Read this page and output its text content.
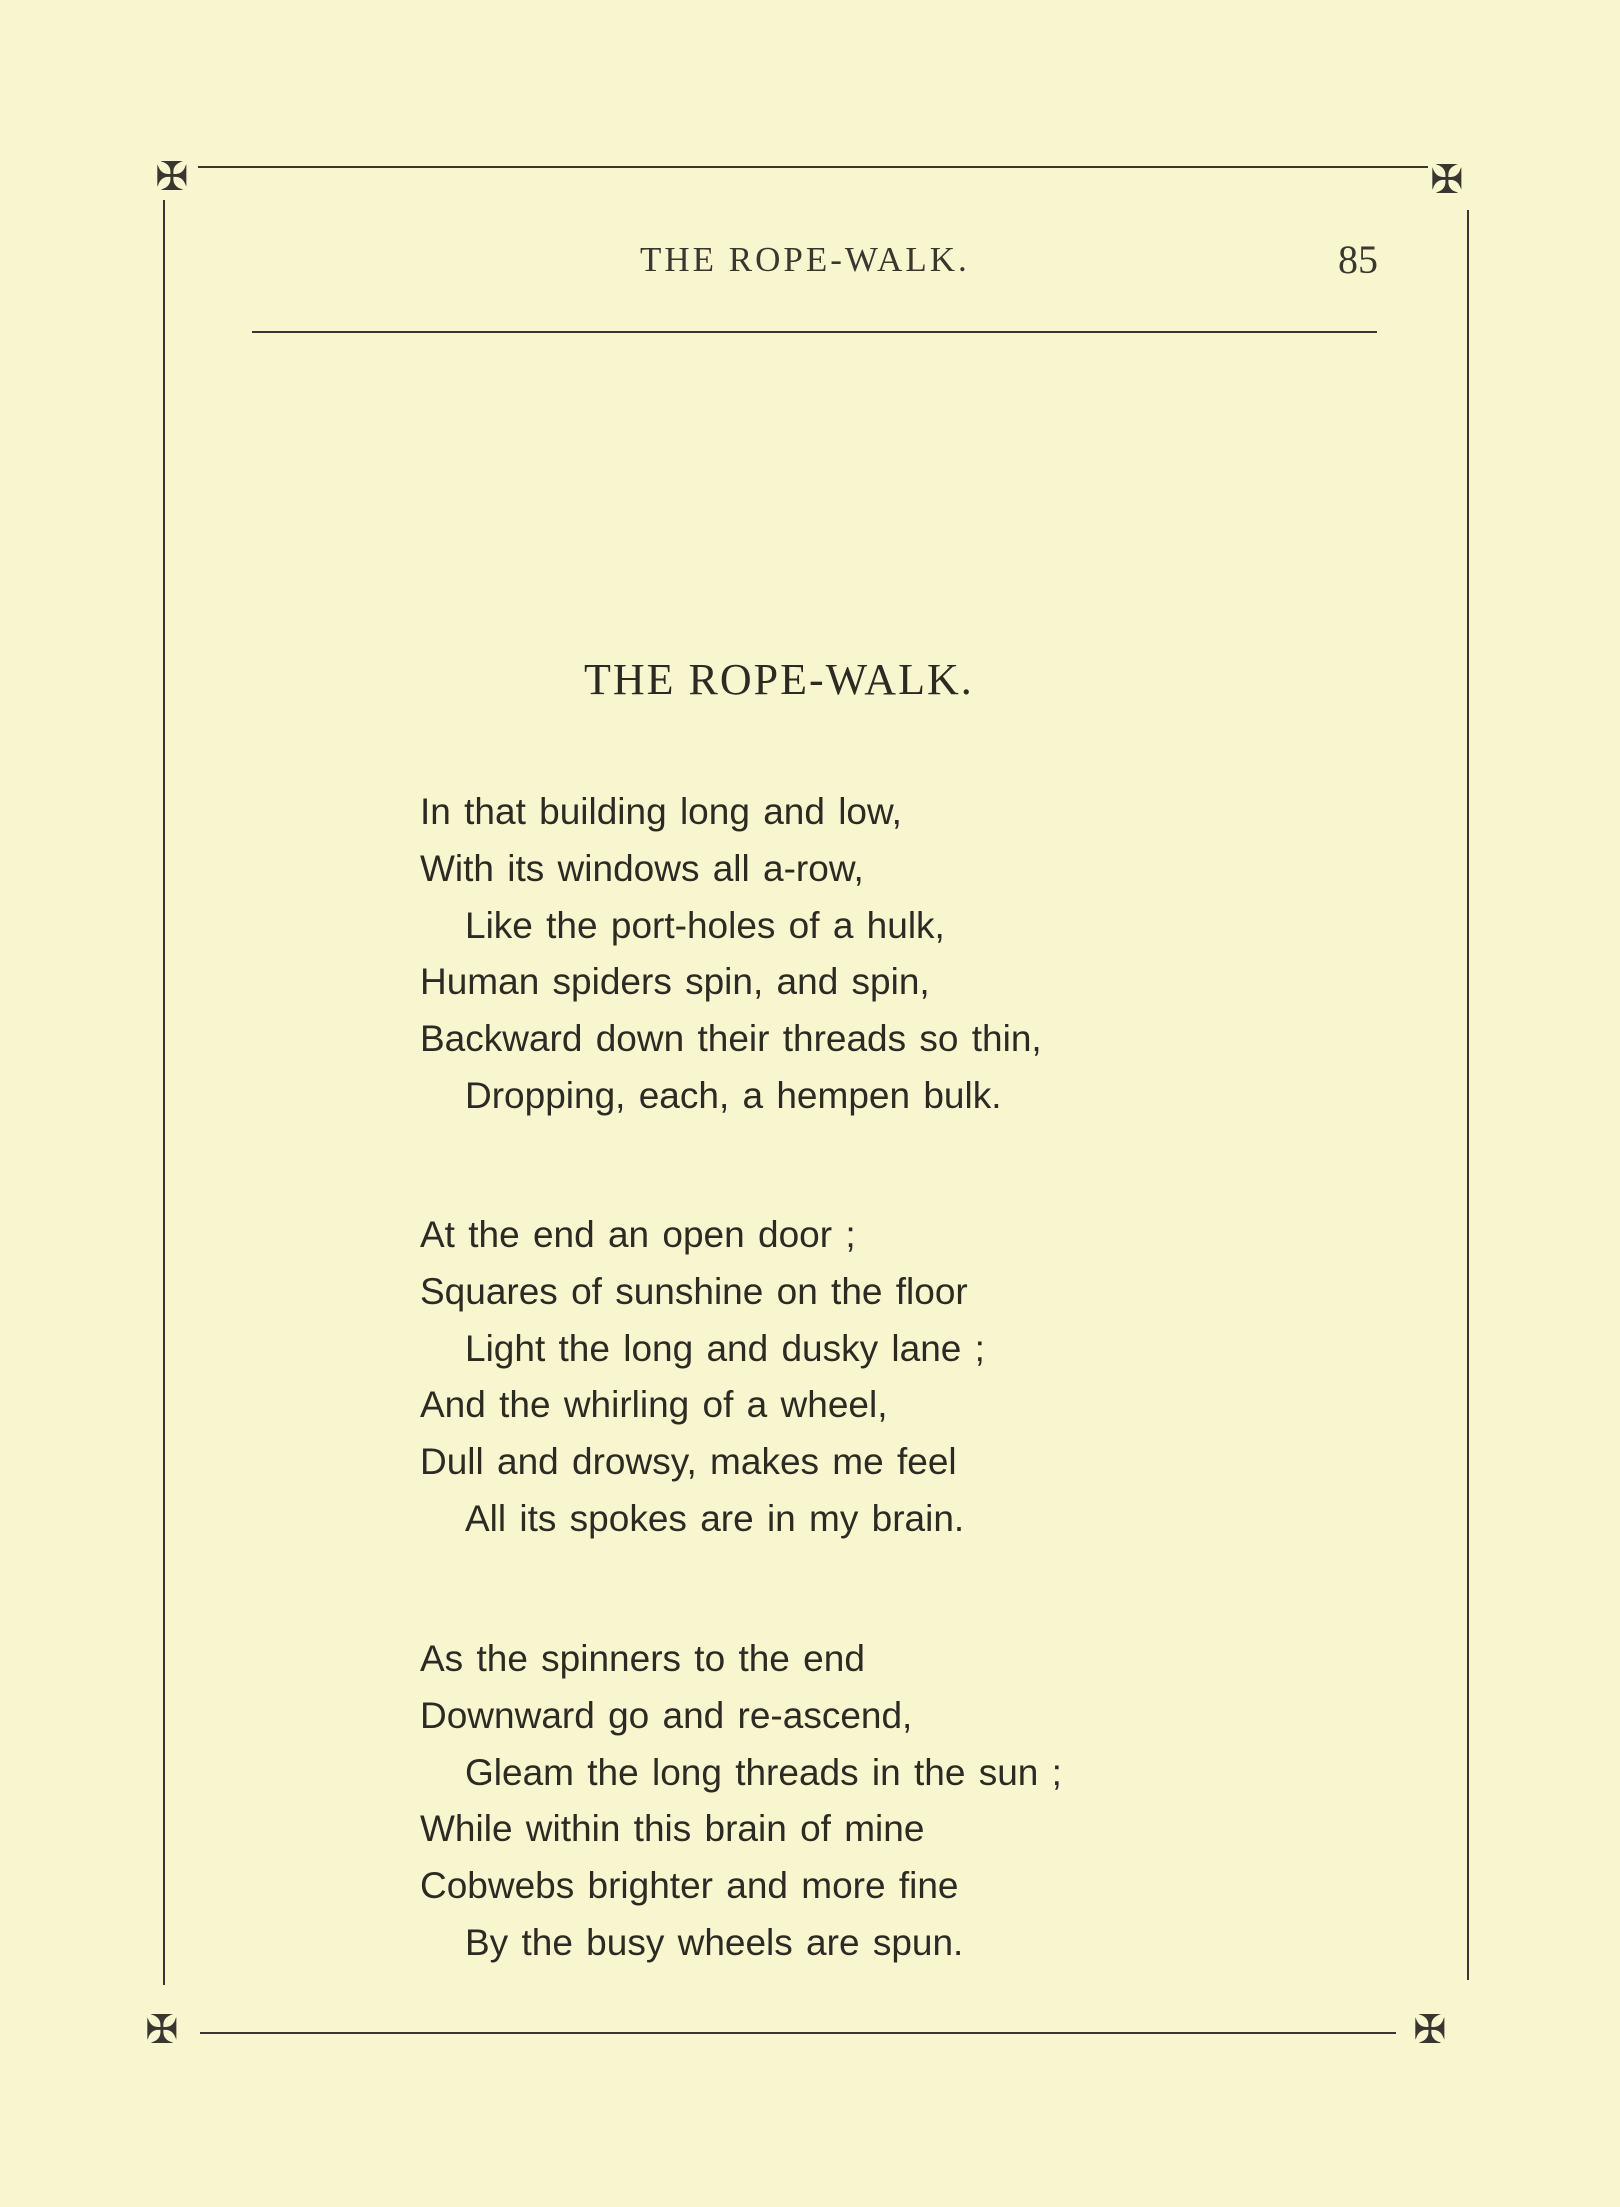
✠	✠
✠	✠
THE ROPE-WALK.	85
THE ROPE-WALK.
In that building long and low,
With its windows all a-row,
Like the port-holes of a hulk,
Human spiders spin, and spin,
Backward down their threads so thin,
Dropping, each, a hempen bulk.
At the end an open door ;
Squares of sunshine on the floor
Light the long and dusky lane ;
And the whirling of a wheel,
Dull and drowsy, makes me feel
All its spokes are in my brain.
As the spinners to the end
Downward go and re-ascend,
Gleam the long threads in the sun ;
While within this brain of mine
Cobwebs brighter and more fine
By the busy wheels are spun.
